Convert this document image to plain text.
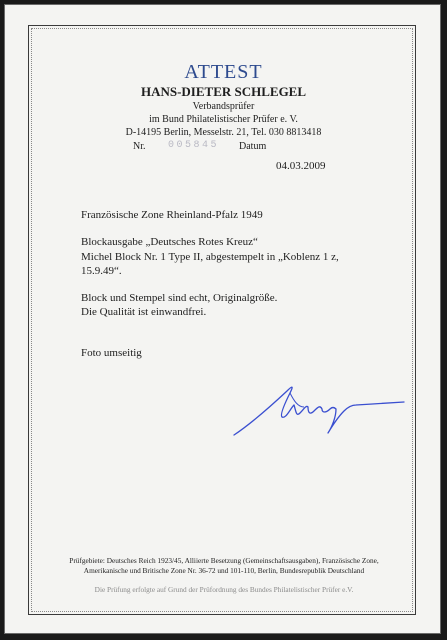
ATTEST
HANS-DIETER SCHLEGEL
Verbandsprüfer
im Bund Philatelistischer Prüfer e. V.
D-14195 Berlin, Messelstr. 21, Tel. 030 8813418
Nr. 005845 Datum
04.03.2009
Französische Zone Rheinland-Pfalz 1949
Blockausgabe „Deutsches Rotes Kreuz“
Michel Block Nr. 1 Type II, abgestempelt in „Koblenz 1 z,
15.9.49“.
Block und Stempel sind echt, Originalgröße.
Die Qualität ist einwandfrei.
Foto umseitig
Prüfgebiete: Deutsches Reich 1923/45, Alliierte Besetzung (Gemeinschaftsausgaben), Französische Zone,
Amerikanische und Britische Zone Nr. 36-72 und 101-110, Berlin, Bundesrepublik Deutschland
Die Prüfung erfolgte auf Grund der Prüfordnung des Bundes Philatelistischer Prüfer e.V.
